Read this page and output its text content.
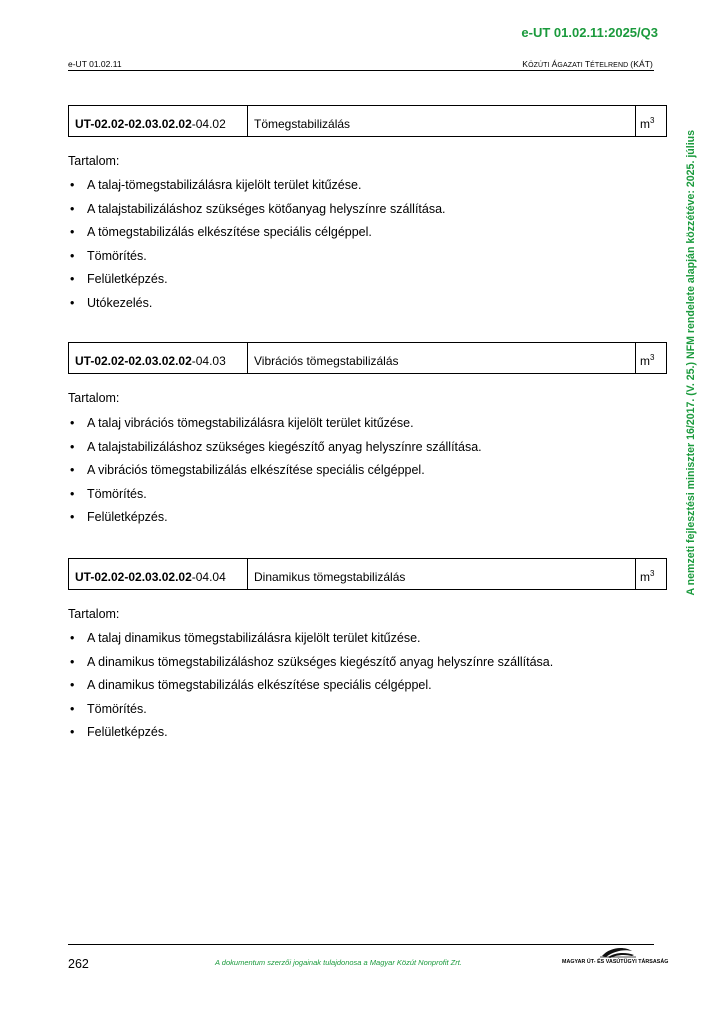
e-UT 01.02.11:2025/Q3
e-UT 01.02.11	KÖZÚTI ÁGAZATI TÉTELREND (KÁT)
A nemzeti fejlesztési miniszter 16/2017. (V. 25.) NFM rendelete alapján közzétéve: 2025. július
UT-02.02-02.03.02.02-04.02	Tömegstabilizálás	$m^3$
Tartalom:
• A talaj-tömegstabilizálásra kijelölt terület kitűzése.
• A talajstabilizáláshoz szükséges kötőanyag helyszínre szállítása.
• A tömegstabilizálás elkészítése speciális célgéppel.
• Tömörítés.
• Felületképzés.
• Utókezelés.
UT-02.02-02.03.02.02-04.03	Vibrációs tömegstabilizálás	$m^3$
Tartalom:
• A talaj vibrációs tömegstabilizálásra kijelölt terület kitűzése.
• A talajstabilizáláshoz szükséges kiegészítő anyag helyszínre szállítása.
• A vibrációs tömegstabilizálás elkészítése speciális célgéppel.
• Tömörítés.
• Felületképzés.
UT-02.02-02.03.02.02-04.04	Dinamikus tömegstabilizálás	$m^3$
Tartalom:
• A talaj dinamikus tömegstabilizálásra kijelölt terület kitűzése.
• A dinamikus tömegstabilizáláshoz szükséges kiegészítő anyag helyszínre szállítása.
• A dinamikus tömegstabilizálás elkészítése speciális célgéppel.
• Tömörítés.
• Felületképzés.
262	A dokumentum szerzői jogainak tulajdonosa a Magyar Közút Nonprofit Zrt.	MAGYAR ÚT- ÉS VASÚTÜGYI TÁRSASÁG
